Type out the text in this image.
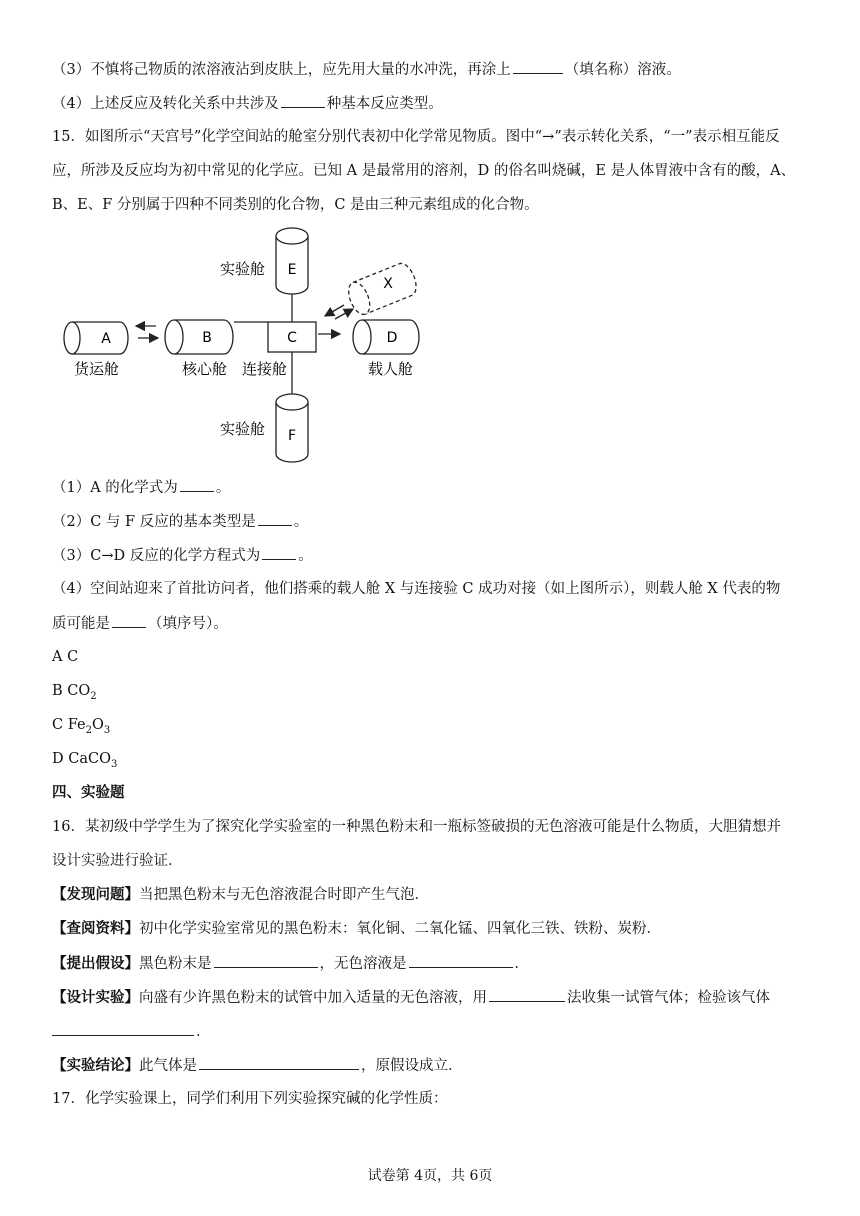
（3）不慎将己物质的浓溶液沾到皮肤上，应先用大量的水冲洗，再涂上	（填名称）溶液。
（4）上述反应及转化关系中共涉及	种基本反应类型。
15．如图所示“天宫号”化学空间站的舱室分别代表初中化学常见物质。图中“→”表示转化关系，“一”表示相互能反
应，所涉及反应均为初中常见的化学应。已知 A 是最常用的溶剂，D 的俗名叫烧碱，E 是人体胃液中含有的酸，A、
B、E、F 分别属于四种不同类别的化合物，C 是由三种元素组成的化合物。
A	B	C	D
X
E
F
实验舱
实验舱
货运舱	核心舱 连接舱	载人舱
（1）A 的化学式为	。
（2）C 与 F 反应的基本类型是	。
（3）C→D 反应的化学方程式为	。
（4）空间站迎来了首批访问者，他们搭乘的载人舱 X 与连接验 C 成功对接（如上图所示），则载人舱 X 代表的物
质可能是	（填序号）。
A C
B $CO_2$
C $Fe_2O_3$
D CaCO$_3$
四、实验题
16．某初级中学学生为了探究化学实验室的一种黑色粉末和一瓶标签破损的无色溶液可能是什么物质，大胆猜想并
设计实验进行验证．
【发现问题】当把黑色粉末与无色溶液混合时即产生气泡．
【查阅资料】初中化学实验室常见的黑色粉末：氧化铜、二氧化锰、四氧化三铁、铁粉、炭粉．
【提出假设】黑色粉末是	，无色溶液是	．
【设计实验】向盛有少许黑色粉末的试管中加入适量的无色溶液，用	法收集一试管气体；检验该气体
．
【实验结论】此气体是	，原假设成立．
17．化学实验课上，同学们利用下列实验探究碱的化学性质：
试卷第 4页，共 6页
